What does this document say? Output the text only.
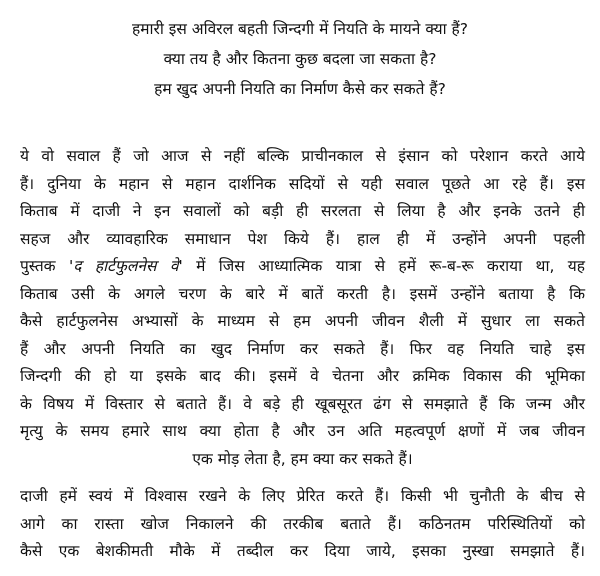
हमारी इस अविरल बहती जिन्दगी में नियति के मायने क्या हैं?
क्या तय है और कितना कुछ बदला जा सकता है?
हम खुद अपनी नियति का निर्माण कैसे कर सकते हैं?
ये वो सवाल हैं जो आज से नहीं बल्कि प्राचीनकाल से इंसान को परेशान करते आये
हैं। दुनिया के महान से महान दार्शनिक सदियों से यही सवाल पूछते आ रहे हैं। इस
किताब में दाजी ने इन सवालों को बड़ी ही सरलता से लिया है और इनके उतने ही
सहज और व्यावहारिक समाधान पेश किये हैं। हाल ही में उन्होंने अपनी पहली
पुस्तक 'द हार्टफुलनेस वे' में जिस आध्यात्मिक यात्रा से हमें रू-ब-रू कराया था, यह
किताब उसी के अगले चरण के बारे में बातें करती है। इसमें उन्होंने बताया है कि
कैसे हार्टफुलनेस अभ्यासों के माध्यम से हम अपनी जीवन शैली में सुधार ला सकते
हैं और अपनी नियति का खुद निर्माण कर सकते हैं। फिर वह नियति चाहे इस
जिन्दगी की हो या इसके बाद की। इसमें वे चेतना और क्रमिक विकास की भूमिका
के विषय में विस्तार से बताते हैं। वे बड़े ही खूबसूरत ढंग से समझाते हैं कि जन्म और
मृत्यु के समय हमारे साथ क्या होता है और उन अति महत्वपूर्ण क्षणों में जब जीवन
एक मोड़ लेता है, हम क्या कर सकते हैं।
दाजी हमें स्वयं में विश्वास रखने के लिए प्रेरित करते हैं। किसी भी चुनौती के बीच से
आगे का रास्ता खोज निकालने की तरकीब बताते हैं। कठिनतम परिस्थितियों को
कैसे एक बेशकीमती मौके में तब्दील कर दिया जाये, इसका नुस्खा समझाते हैं।
